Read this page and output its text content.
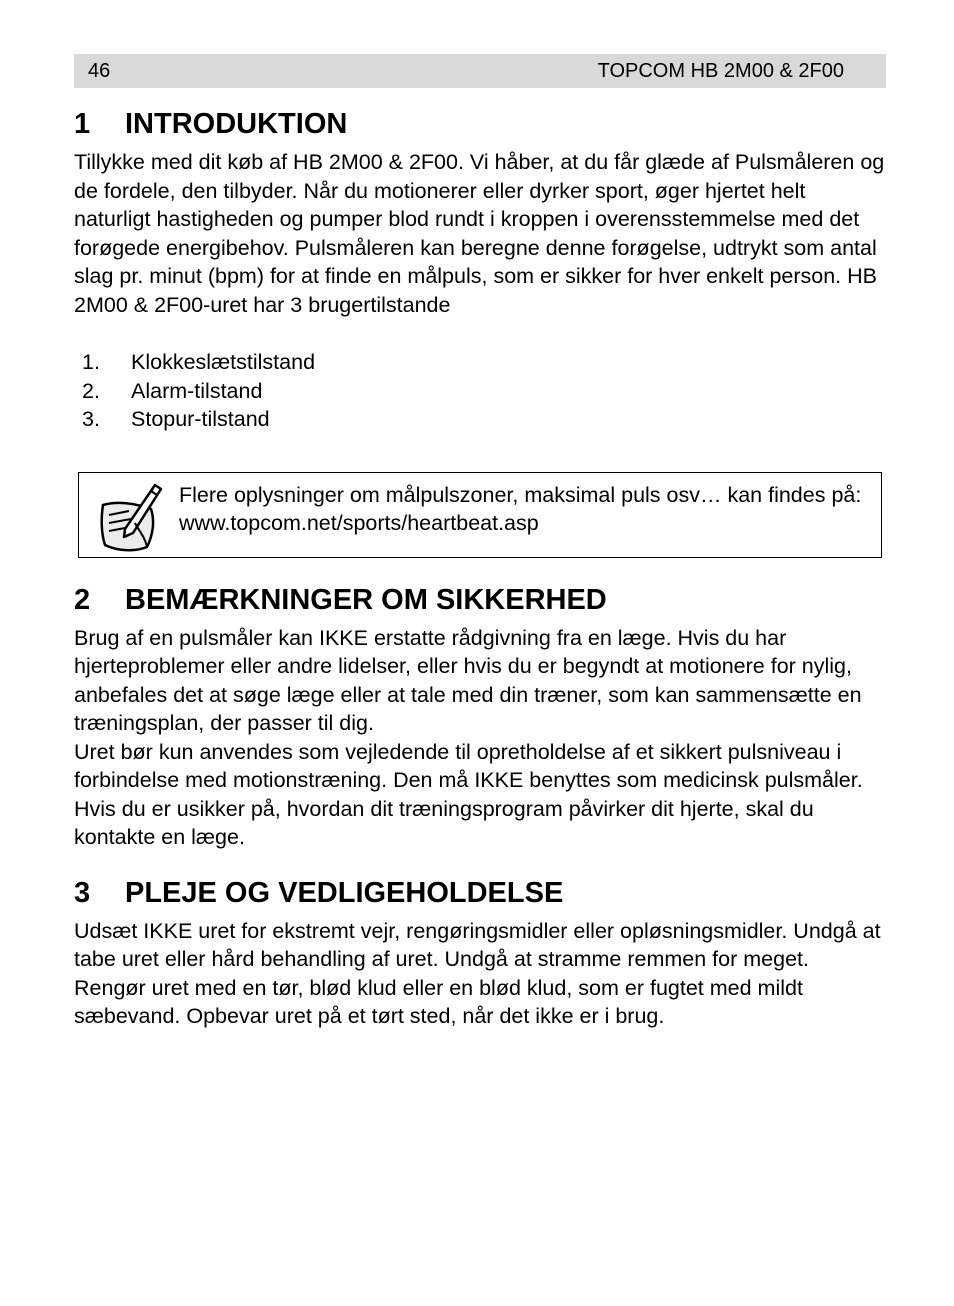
46	TOPCOM HB 2M00 & 2F00
1	INTRODUKTION

Tillykke med dit køb af HB 2M00 & 2F00. Vi håber, at du får glæde af Pulsmåleren og de fordele, den tilbyder. Når du motionerer eller dyrker sport, øger hjertet helt naturligt hastigheden og pumper blod rundt i kroppen i overensstemmelse med det forøgede energibehov. Pulsmåleren kan beregne denne forøgelse, udtrykt som antal slag pr. minut (bpm) for at finde en målpuls, som er sikker for hver enkelt person. HB 2M00 & 2F00-uret har 3 brugertilstande

1.	Klokkeslætstilstand
2.	Alarm-tilstand
3.	Stopur-tilstand
Flere oplysninger om målpulszoner, maksimal puls osv… kan findes på: www.topcom.net/sports/heartbeat.asp
2	BEMÆRKNINGER OM SIKKERHED

Brug af en pulsmåler kan IKKE erstatte rådgivning fra en læge. Hvis du har hjerteproblemer eller andre lidelser, eller hvis du er begyndt at motionere for nylig, anbefales det at søge læge eller at tale med din træner, som kan sammensætte en træningsplan, der passer til dig.

Uret bør kun anvendes som vejledende til opretholdelse af et sikkert pulsniveau i forbindelse med motionstræning. Den må IKKE benyttes som medicinsk pulsmåler. Hvis du er usikker på, hvordan dit træningsprogram påvirker dit hjerte, skal du kontakte en læge.

3	PLEJE OG VEDLIGEHOLDELSE

Udsæt IKKE uret for ekstremt vejr, rengøringsmidler eller opløsningsmidler. Undgå at tabe uret eller hård behandling af uret. Undgå at stramme remmen for meget. Rengør uret med en tør, blød klud eller en blød klud, som er fugtet med mildt sæbevand. Opbevar uret på et tørt sted, når det ikke er i brug.
